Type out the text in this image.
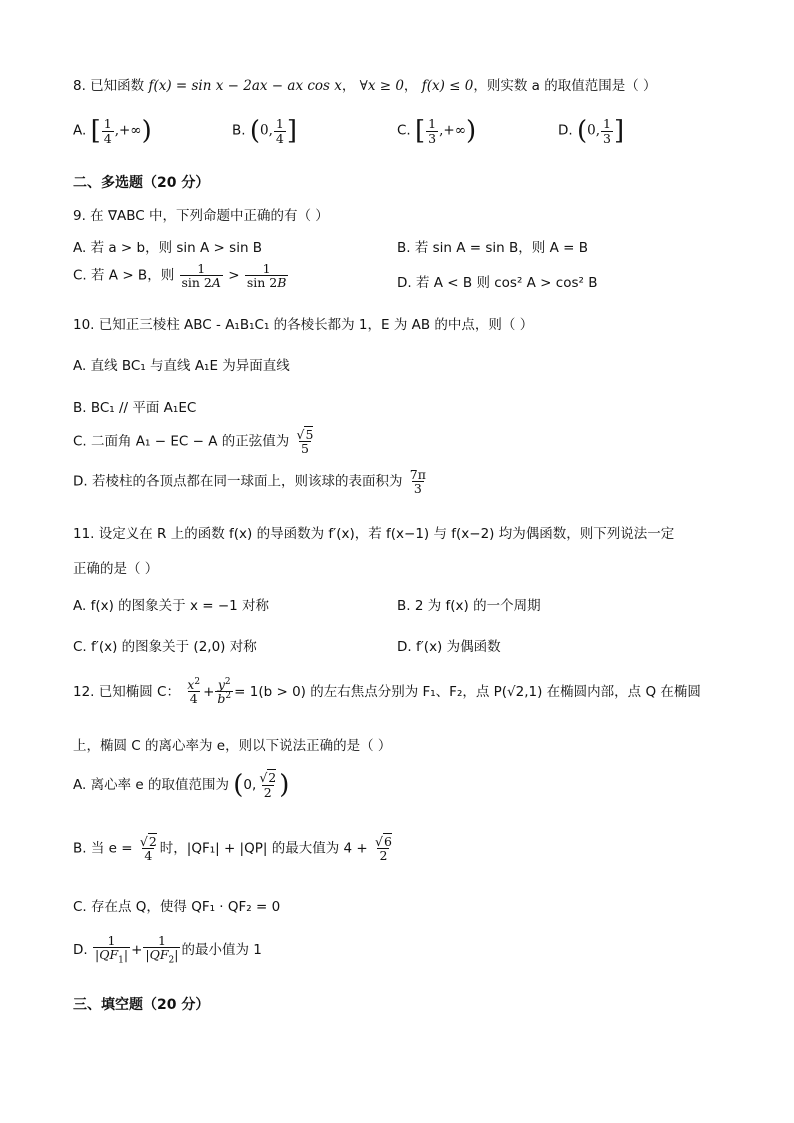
8. 已知函数 f(x) = sin x − 2ax − ax cos x， ∀x ≥ 0， f(x) ≤ 0，则实数 a 的取值范围是（ ）
A. [ $\frac{1}{4}$ ,+∞)	B. (0, $\frac{1}{4}$ ]	C. [ $\frac{1}{3}$ ,+∞)	D. (0, $\frac{1}{3}$ ]
二、多选题（20 分）
9. 在 ∇ABC 中，下列命题中正确的有（ ）
A. 若 a > b，则 sin A > sin B	B. 若 sin A = sin B，则 A = B
C. 若 A > B，则 $\frac{1}{\sin 2A} > \frac{1}{\sin 2B}$	D. 若 A < B 则 cos² A > cos² B
10. 已知正三棱柱 ABC - A₁B₁C₁ 的各棱长都为 1，E 为 AB 的中点，则（ ）
A. 直线 BC₁ 与直线 A₁E 为异面直线
B. BC₁ // 平面 A₁EC
C. 二面角 A₁ − EC − A 的正弦值为 $\frac{√5}{5}$
D. 若棱柱的各顶点都在同一球面上，则该球的表面积为 $\frac{7\pi}{3}$
11. 设定义在 R 上的函数 f(x) 的导函数为 f′(x)，若 f(x−1) 与 f(x−2) 均为偶函数，则下列说法一定
正确的是（ ）
A. f(x) 的图象关于 x = −1 对称	B. 2 为 f(x) 的一个周期
C. f′(x) 的图象关于 (2,0) 对称	D. f′(x) 为偶函数
12. 已知椭圆 C： $\frac{x^2}{4} + \frac{y^2}{b^2} = 1(b > 0)$ 的左右焦点分别为 F₁、F₂，点 P(√2,1) 在椭圆内部，点 Q 在椭圆
上，椭圆 C 的离心率为 e，则以下说法正确的是（ ）
A. 离心率 e 的取值范围为 (0, $\frac{√2}{2}$ )
B. 当 $e = \frac{√2}{4}$ 时，|QF₁| + |QP| 的最大值为 $4 + \frac{√6}{2}$
C. 存在点 Q，使得 QF₁ · QF₂ = 0
D. $\frac{1}{|QF_1|} + \frac{1}{|QF_2|}$ 的最小值为 1
三、填空题（20 分）
